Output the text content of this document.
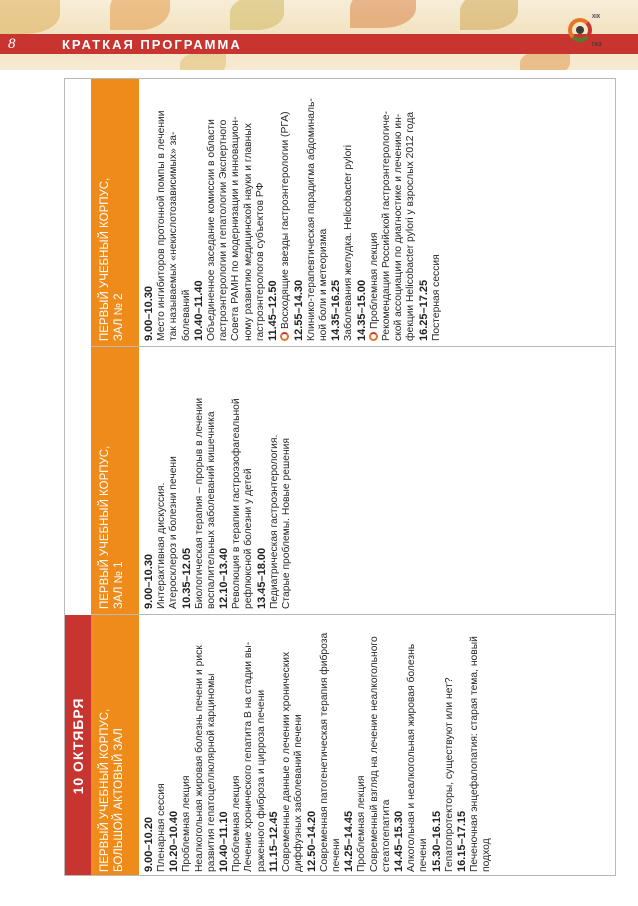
8	КРАТКАЯ ПРОГРАММА
ХIX
ГАЭ
10 ОКТЯБРЯ	ПЕРВЫЙ УЧЕБНЫЙ КОРПУС, БОЛЬШОЙ АКТОВЫЙ ЗАЛ 9.00–10.20 Пленарная сессия 10.20–10.40 Проблемная лекция Неалкогольная жировая болезнь печени и риск развития гепатоцеллюлярной карциномы 10.40–11.10 Проблемная лекция Лечение хронического гепатита В на стадии вы- раженного фиброза и цирроза печени 11.15–12.45 Современные данные о лечении хронических диффузных заболеваний печени 12.50–14.20 Современная патогенетическая терапия фиброза печени 14.25–14.45 Проблемная лекция Современный взгляд на лечение неалкогольного стеатогепатита 14.45–15.30 Алкогольная и неалкогольная жировая болезнь печени 15.30–16.15 Гепатопротекторы, существуют или нет? 16.15–17.15 Печеночная энцефалопатия: старая тема, новый подход
ПЕРВЫЙ УЧЕБНЫЙ КОРПУС, ЗАЛ № 1 9.00–10.30 Интерактивная дискуссия. Атеросклероз и болезни печени 10.35–12.05 Биологическая терапия – прорыв в лечении воспалительных заболеваний кишечника 12.10–13.40 Революция в терапии гастроэзофагеальной рефлюксной болезни у детей 13.45–18.00 Педиатрическая гастроэнтерология. Старые проблемы. Новые решения
ПЕРВЫЙ УЧЕБНЫЙ КОРПУС, ЗАЛ № 2 9.00–10.30 Место ингибиторов протонной помпы в лечении так называемых «некислотозависимых» за- болеваний 10.40–11.40 Объединенное заседание комиссии в области гастроэнтерологии и гепатологии Экспертного Совета РАМН по модернизации и инновацион- ному развитию медицинской науки и главных гастроэнтерологов субъектов РФ 11.45–12.50 Восходящие звезды гастроэнтерологии (РГА) 12.55–14.30 Клинико-терапевтическая парадигма абдоминаль- ной боли и метеоризма 14.35–16.25 Заболевания желудка. Helicobacter pylori 14.35–15.00 Проблемная лекция Рекомендации Российской гастроэнтерологиче- ской ассоциации по диагностике и лечению ин- фекции Helicobacter pylori у взрослых 2012 года 16.25–17.25 Постерная сессия
